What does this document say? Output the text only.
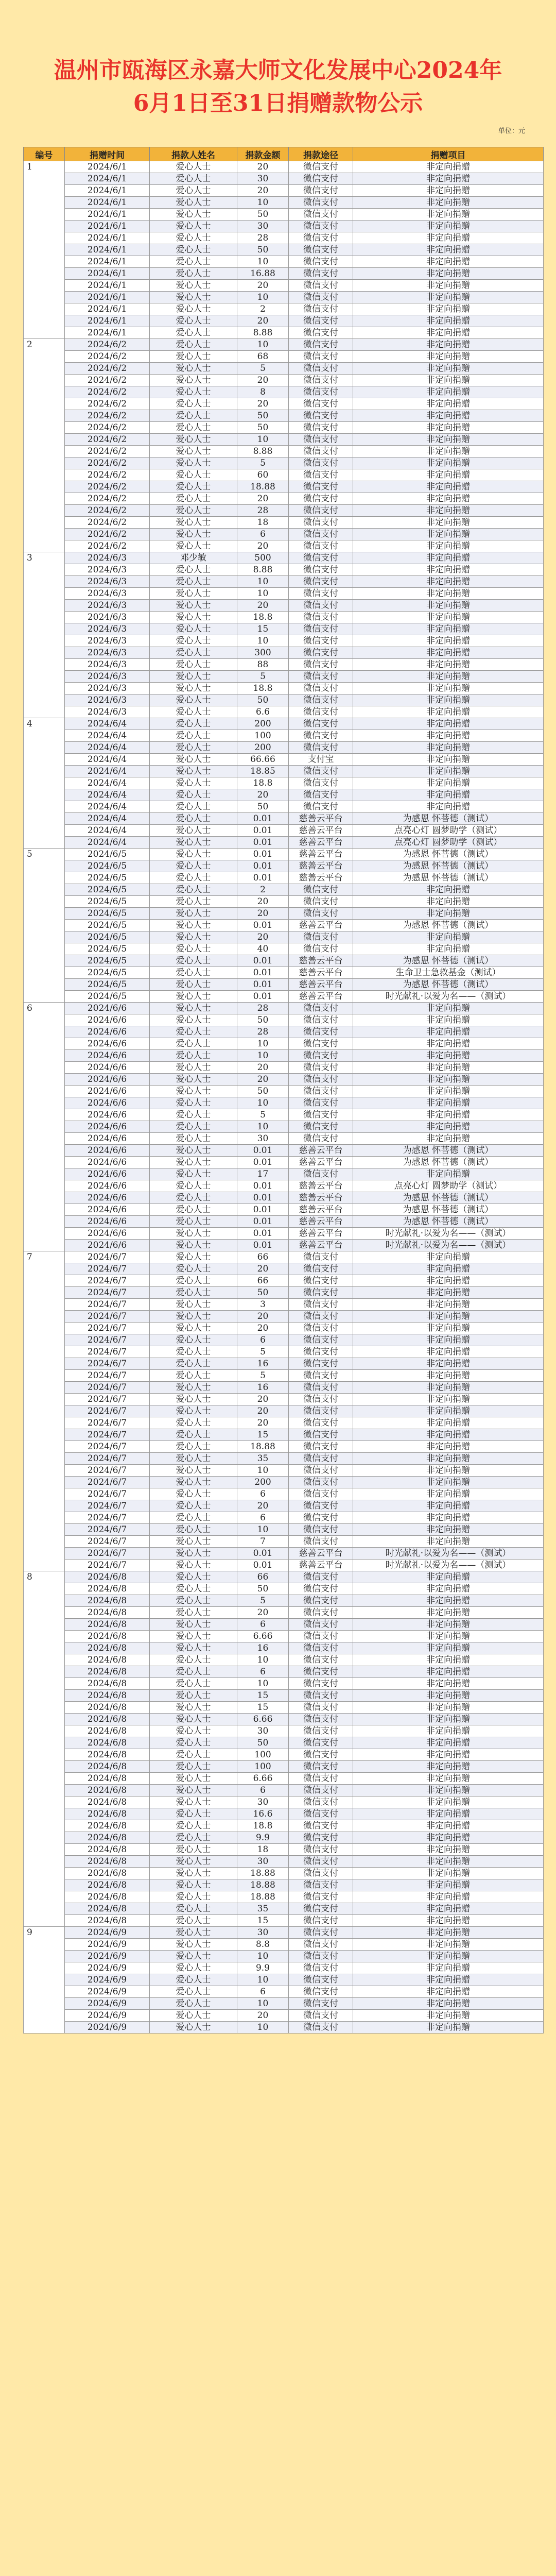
温州市瓯海区永嘉大师文化发展中心2024年
6月1日至31日捐赠款物公示
单位：元
编号	捐赠时间	捐款人姓名	捐款金额	捐款途径	捐赠项目
1	2024/6/1	爱心人士	20	微信支付	非定向捐赠
	2024/6/1	爱心人士	30	微信支付	非定向捐赠
	2024/6/1	爱心人士	20	微信支付	非定向捐赠
	2024/6/1	爱心人士	10	微信支付	非定向捐赠
	2024/6/1	爱心人士	50	微信支付	非定向捐赠
	2024/6/1	爱心人士	30	微信支付	非定向捐赠
	2024/6/1	爱心人士	28	微信支付	非定向捐赠
	2024/6/1	爱心人士	50	微信支付	非定向捐赠
	2024/6/1	爱心人士	10	微信支付	非定向捐赠
	2024/6/1	爱心人士	16.88	微信支付	非定向捐赠
	2024/6/1	爱心人士	20	微信支付	非定向捐赠
	2024/6/1	爱心人士	10	微信支付	非定向捐赠
	2024/6/1	爱心人士	2	微信支付	非定向捐赠
	2024/6/1	爱心人士	20	微信支付	非定向捐赠
	2024/6/1	爱心人士	8.88	微信支付	非定向捐赠
2	2024/6/2	爱心人士	10	微信支付	非定向捐赠
	2024/6/2	爱心人士	68	微信支付	非定向捐赠
	2024/6/2	爱心人士	5	微信支付	非定向捐赠
	2024/6/2	爱心人士	20	微信支付	非定向捐赠
	2024/6/2	爱心人士	8	微信支付	非定向捐赠
	2024/6/2	爱心人士	20	微信支付	非定向捐赠
	2024/6/2	爱心人士	50	微信支付	非定向捐赠
	2024/6/2	爱心人士	50	微信支付	非定向捐赠
	2024/6/2	爱心人士	10	微信支付	非定向捐赠
	2024/6/2	爱心人士	8.88	微信支付	非定向捐赠
	2024/6/2	爱心人士	5	微信支付	非定向捐赠
	2024/6/2	爱心人士	60	微信支付	非定向捐赠
	2024/6/2	爱心人士	18.88	微信支付	非定向捐赠
	2024/6/2	爱心人士	20	微信支付	非定向捐赠
	2024/6/2	爱心人士	28	微信支付	非定向捐赠
	2024/6/2	爱心人士	18	微信支付	非定向捐赠
	2024/6/2	爱心人士	6	微信支付	非定向捐赠
	2024/6/2	爱心人士	20	微信支付	非定向捐赠
3	2024/6/3	邓少敏	500	微信支付	非定向捐赠
	2024/6/3	爱心人士	8.88	微信支付	非定向捐赠
	2024/6/3	爱心人士	10	微信支付	非定向捐赠
	2024/6/3	爱心人士	10	微信支付	非定向捐赠
	2024/6/3	爱心人士	20	微信支付	非定向捐赠
	2024/6/3	爱心人士	18.8	微信支付	非定向捐赠
	2024/6/3	爱心人士	15	微信支付	非定向捐赠
	2024/6/3	爱心人士	10	微信支付	非定向捐赠
	2024/6/3	爱心人士	300	微信支付	非定向捐赠
	2024/6/3	爱心人士	88	微信支付	非定向捐赠
	2024/6/3	爱心人士	5	微信支付	非定向捐赠
	2024/6/3	爱心人士	18.8	微信支付	非定向捐赠
	2024/6/3	爱心人士	50	微信支付	非定向捐赠
	2024/6/3	爱心人士	6.6	微信支付	非定向捐赠
4	2024/6/4	爱心人士	200	微信支付	非定向捐赠
	2024/6/4	爱心人士	100	微信支付	非定向捐赠
	2024/6/4	爱心人士	200	微信支付	非定向捐赠
	2024/6/4	爱心人士	66.66	支付宝	非定向捐赠
	2024/6/4	爱心人士	18.85	微信支付	非定向捐赠
	2024/6/4	爱心人士	18.8	微信支付	非定向捐赠
	2024/6/4	爱心人士	20	微信支付	非定向捐赠
	2024/6/4	爱心人士	50	微信支付	非定向捐赠
	2024/6/4	爱心人士	0.01	慈善云平台	为感恩 怀菩德（测试）
	2024/6/4	爱心人士	0.01	慈善云平台	点亮心灯 圆梦助学（测试）
	2024/6/4	爱心人士	0.01	慈善云平台	点亮心灯 圆梦助学（测试）
5	2024/6/5	爱心人士	0.01	慈善云平台	为感恩 怀菩德（测试）
	2024/6/5	爱心人士	0.01	慈善云平台	为感恩 怀菩德（测试）
	2024/6/5	爱心人士	0.01	慈善云平台	为感恩 怀菩德（测试）
	2024/6/5	爱心人士	2	微信支付	非定向捐赠
	2024/6/5	爱心人士	20	微信支付	非定向捐赠
	2024/6/5	爱心人士	20	微信支付	非定向捐赠
	2024/6/5	爱心人士	0.01	慈善云平台	为感恩 怀菩德（测试）
	2024/6/5	爱心人士	20	微信支付	非定向捐赠
	2024/6/5	爱心人士	40	微信支付	非定向捐赠
	2024/6/5	爱心人士	0.01	慈善云平台	为感恩 怀菩德（测试）
	2024/6/5	爱心人士	0.01	慈善云平台	生命卫士急救基金（测试）
	2024/6/5	爱心人士	0.01	慈善云平台	为感恩 怀菩德（测试）
	2024/6/5	爱心人士	0.01	慈善云平台	时光献礼·以爱为名——（测试）
6	2024/6/6	爱心人士	28	微信支付	非定向捐赠
	2024/6/6	爱心人士	50	微信支付	非定向捐赠
	2024/6/6	爱心人士	28	微信支付	非定向捐赠
	2024/6/6	爱心人士	10	微信支付	非定向捐赠
	2024/6/6	爱心人士	10	微信支付	非定向捐赠
	2024/6/6	爱心人士	20	微信支付	非定向捐赠
	2024/6/6	爱心人士	20	微信支付	非定向捐赠
	2024/6/6	爱心人士	50	微信支付	非定向捐赠
	2024/6/6	爱心人士	10	微信支付	非定向捐赠
	2024/6/6	爱心人士	5	微信支付	非定向捐赠
	2024/6/6	爱心人士	10	微信支付	非定向捐赠
	2024/6/6	爱心人士	30	微信支付	非定向捐赠
	2024/6/6	爱心人士	0.01	慈善云平台	为感恩 怀菩德（测试）
	2024/6/6	爱心人士	0.01	慈善云平台	为感恩 怀菩德（测试）
	2024/6/6	爱心人士	17	微信支付	非定向捐赠
	2024/6/6	爱心人士	0.01	慈善云平台	点亮心灯 圆梦助学（测试）
	2024/6/6	爱心人士	0.01	慈善云平台	为感恩 怀菩德（测试）
	2024/6/6	爱心人士	0.01	慈善云平台	为感恩 怀菩德（测试）
	2024/6/6	爱心人士	0.01	慈善云平台	为感恩 怀菩德（测试）
	2024/6/6	爱心人士	0.01	慈善云平台	时光献礼·以爱为名——（测试）
	2024/6/6	爱心人士	0.01	慈善云平台	时光献礼·以爱为名——（测试）
7	2024/6/7	爱心人士	66	微信支付	非定向捐赠
	2024/6/7	爱心人士	20	微信支付	非定向捐赠
	2024/6/7	爱心人士	66	微信支付	非定向捐赠
	2024/6/7	爱心人士	50	微信支付	非定向捐赠
	2024/6/7	爱心人士	3	微信支付	非定向捐赠
	2024/6/7	爱心人士	20	微信支付	非定向捐赠
	2024/6/7	爱心人士	20	微信支付	非定向捐赠
	2024/6/7	爱心人士	6	微信支付	非定向捐赠
	2024/6/7	爱心人士	5	微信支付	非定向捐赠
	2024/6/7	爱心人士	16	微信支付	非定向捐赠
	2024/6/7	爱心人士	5	微信支付	非定向捐赠
	2024/6/7	爱心人士	16	微信支付	非定向捐赠
	2024/6/7	爱心人士	20	微信支付	非定向捐赠
	2024/6/7	爱心人士	20	微信支付	非定向捐赠
	2024/6/7	爱心人士	20	微信支付	非定向捐赠
	2024/6/7	爱心人士	15	微信支付	非定向捐赠
	2024/6/7	爱心人士	18.88	微信支付	非定向捐赠
	2024/6/7	爱心人士	35	微信支付	非定向捐赠
	2024/6/7	爱心人士	10	微信支付	非定向捐赠
	2024/6/7	爱心人士	200	微信支付	非定向捐赠
	2024/6/7	爱心人士	6	微信支付	非定向捐赠
	2024/6/7	爱心人士	20	微信支付	非定向捐赠
	2024/6/7	爱心人士	6	微信支付	非定向捐赠
	2024/6/7	爱心人士	10	微信支付	非定向捐赠
	2024/6/7	爱心人士	7	微信支付	非定向捐赠
	2024/6/7	爱心人士	0.01	慈善云平台	时光献礼·以爱为名——（测试）
	2024/6/7	爱心人士	0.01	慈善云平台	时光献礼·以爱为名——（测试）
8	2024/6/8	爱心人士	66	微信支付	非定向捐赠
	2024/6/8	爱心人士	50	微信支付	非定向捐赠
	2024/6/8	爱心人士	5	微信支付	非定向捐赠
	2024/6/8	爱心人士	20	微信支付	非定向捐赠
	2024/6/8	爱心人士	6	微信支付	非定向捐赠
	2024/6/8	爱心人士	6.66	微信支付	非定向捐赠
	2024/6/8	爱心人士	16	微信支付	非定向捐赠
	2024/6/8	爱心人士	10	微信支付	非定向捐赠
	2024/6/8	爱心人士	6	微信支付	非定向捐赠
	2024/6/8	爱心人士	10	微信支付	非定向捐赠
	2024/6/8	爱心人士	15	微信支付	非定向捐赠
	2024/6/8	爱心人士	15	微信支付	非定向捐赠
	2024/6/8	爱心人士	6.66	微信支付	非定向捐赠
	2024/6/8	爱心人士	30	微信支付	非定向捐赠
	2024/6/8	爱心人士	50	微信支付	非定向捐赠
	2024/6/8	爱心人士	100	微信支付	非定向捐赠
	2024/6/8	爱心人士	100	微信支付	非定向捐赠
	2024/6/8	爱心人士	6.66	微信支付	非定向捐赠
	2024/6/8	爱心人士	6	微信支付	非定向捐赠
	2024/6/8	爱心人士	30	微信支付	非定向捐赠
	2024/6/8	爱心人士	16.6	微信支付	非定向捐赠
	2024/6/8	爱心人士	18.8	微信支付	非定向捐赠
	2024/6/8	爱心人士	9.9	微信支付	非定向捐赠
	2024/6/8	爱心人士	18	微信支付	非定向捐赠
	2024/6/8	爱心人士	30	微信支付	非定向捐赠
	2024/6/8	爱心人士	18.88	微信支付	非定向捐赠
	2024/6/8	爱心人士	18.88	微信支付	非定向捐赠
	2024/6/8	爱心人士	18.88	微信支付	非定向捐赠
	2024/6/8	爱心人士	35	微信支付	非定向捐赠
	2024/6/8	爱心人士	15	微信支付	非定向捐赠
9	2024/6/9	爱心人士	30	微信支付	非定向捐赠
	2024/6/9	爱心人士	8.8	微信支付	非定向捐赠
	2024/6/9	爱心人士	10	微信支付	非定向捐赠
	2024/6/9	爱心人士	9.9	微信支付	非定向捐赠
	2024/6/9	爱心人士	10	微信支付	非定向捐赠
	2024/6/9	爱心人士	6	微信支付	非定向捐赠
	2024/6/9	爱心人士	10	微信支付	非定向捐赠
	2024/6/9	爱心人士	20	微信支付	非定向捐赠
	2024/6/9	爱心人士	10	微信支付	非定向捐赠
